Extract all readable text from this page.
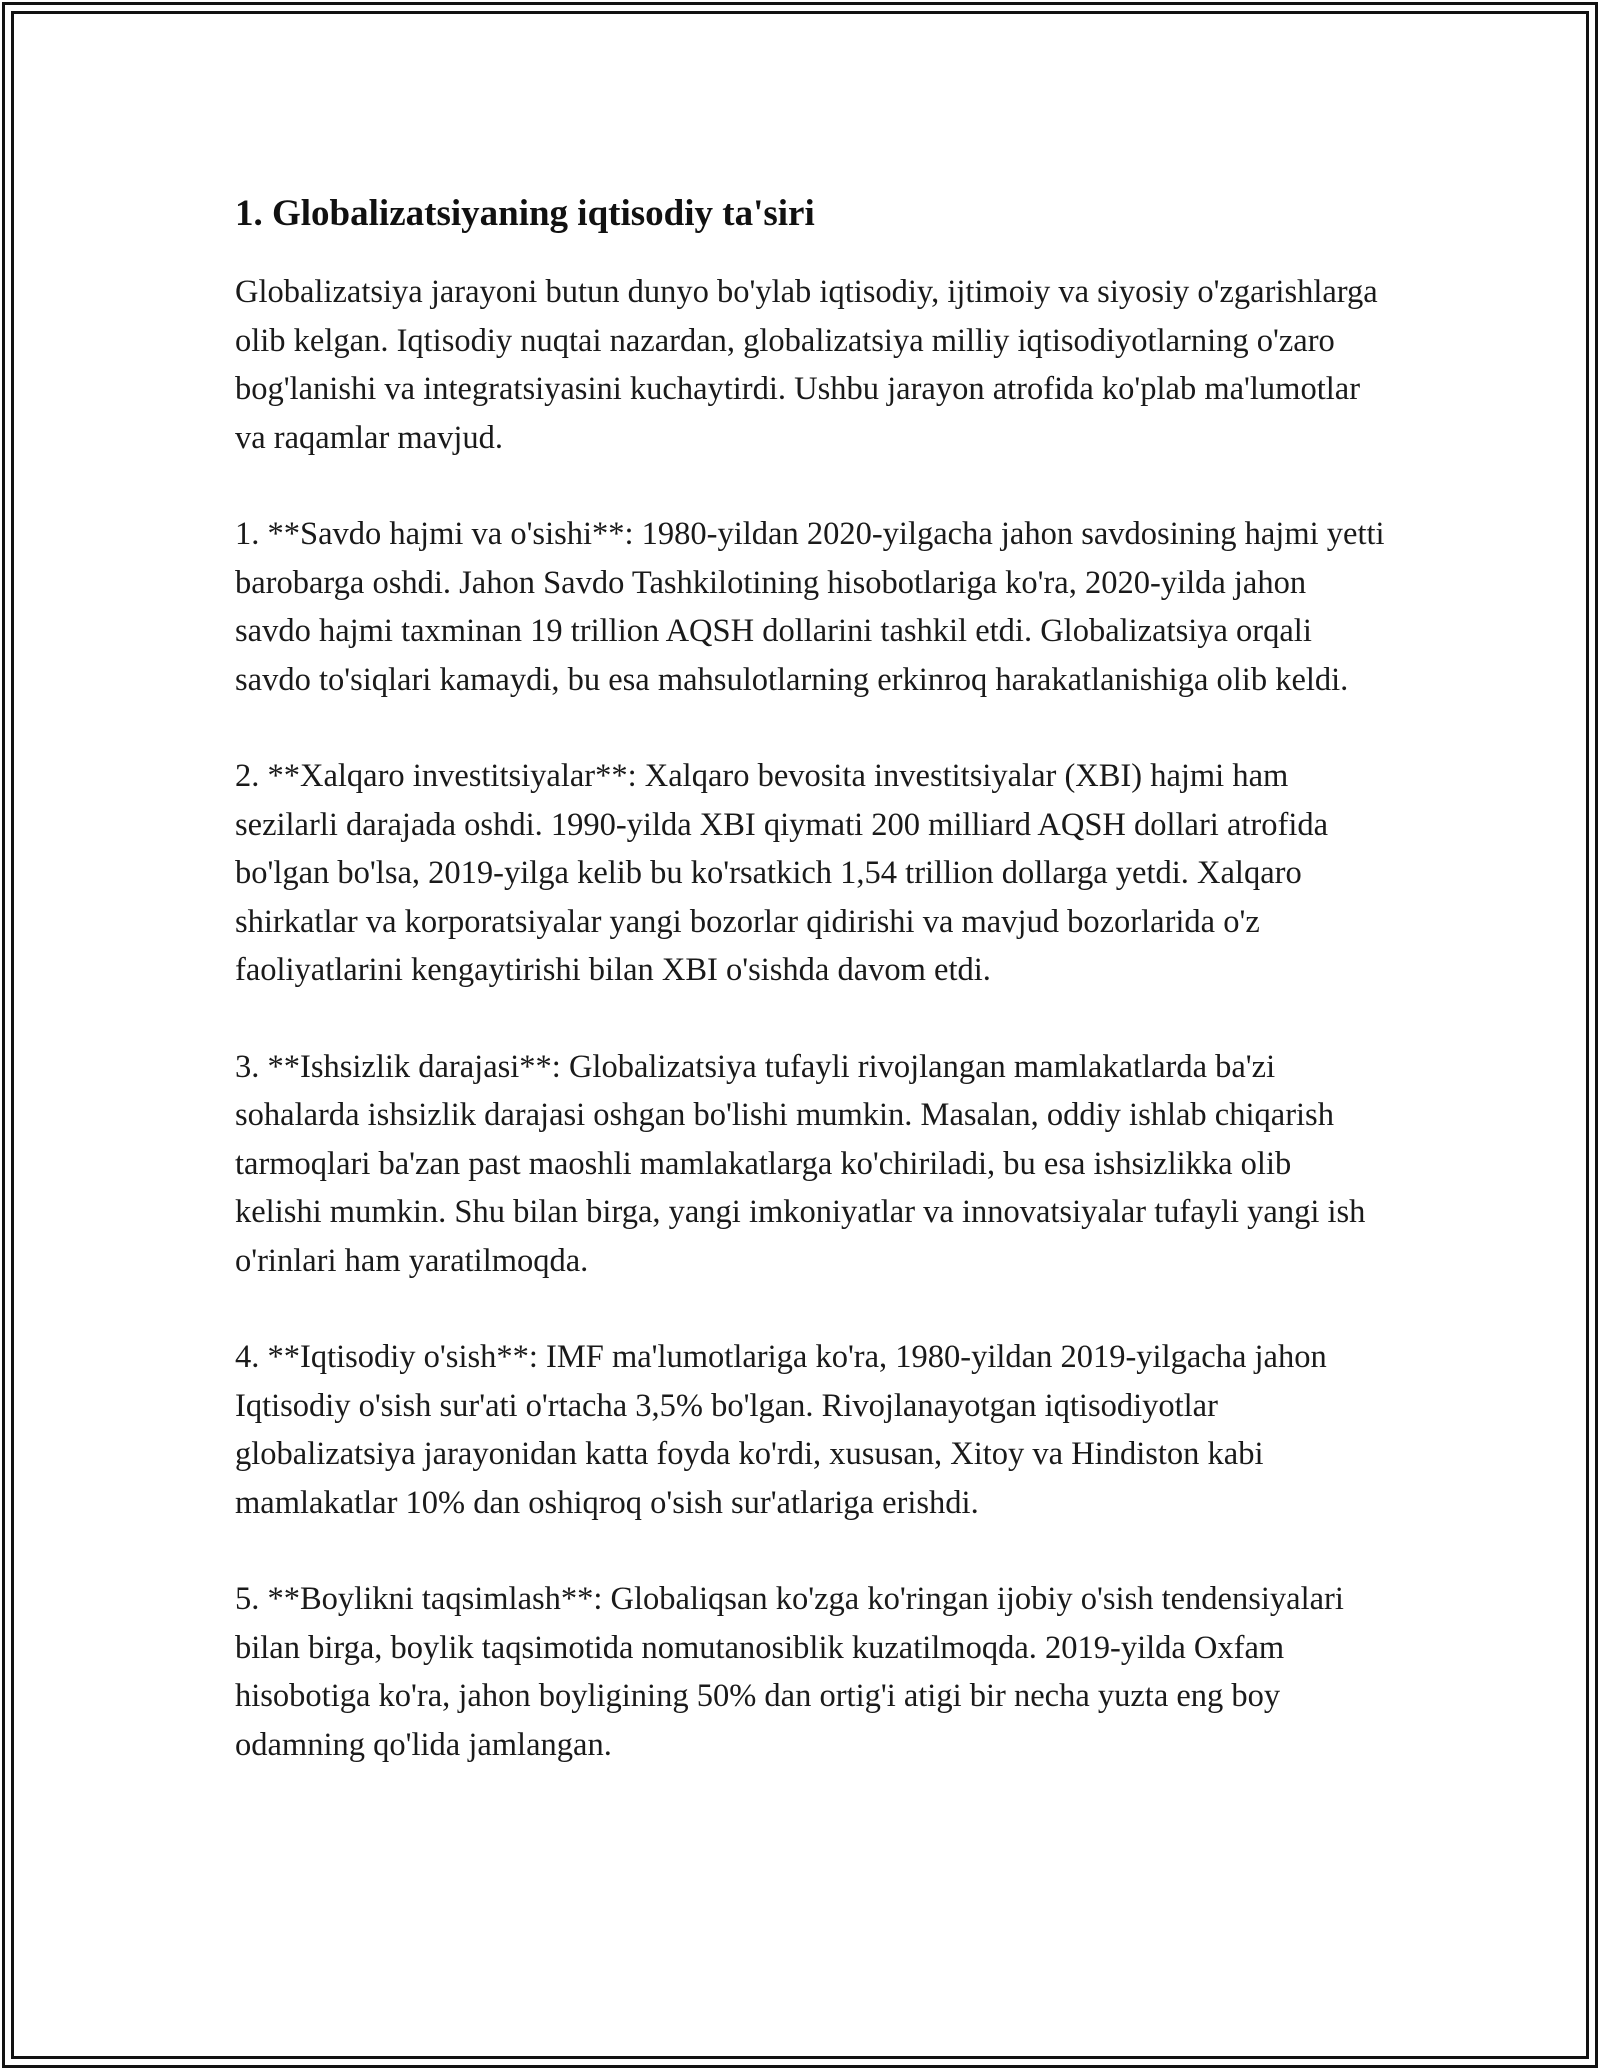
1. Globalizatsiyaning iqtisodiy ta'siri

Globalizatsiya jarayoni butun dunyo bo'ylab iqtisodiy, ijtimoiy va siyosiy o'zgarishlarga olib kelgan. Iqtisodiy nuqtai nazardan, globalizatsiya milliy iqtisodiyotlarning o'zaro bog'lanishi va integratsiyasini kuchaytirdi. Ushbu jarayon atrofida ko'plab ma'lumotlar va raqamlar mavjud.

1. **Savdo hajmi va o'sishi**: 1980-yildan 2020-yilgacha jahon savdosining hajmi yetti barobarga oshdi. Jahon Savdo Tashkilotining hisobotlariga ko'ra, 2020-yilda jahon savdo hajmi taxminan 19 trillion AQSH dollarini tashkil etdi. Globalizatsiya orqali savdo to'siqlari kamaydi, bu esa mahsulotlarning erkinroq harakatlanishiga olib keldi.

2. **Xalqaro investitsiyalar**: Xalqaro bevosita investitsiyalar (XBI) hajmi ham sezilarli darajada oshdi. 1990-yilda XBI qiymati 200 milliard AQSH dollari atrofida bo'lgan bo'lsa, 2019-yilga kelib bu ko'rsatkich 1,54 trillion dollarga yetdi. Xalqaro shirkatlar va korporatsiyalar yangi bozorlar qidirishi va mavjud bozorlarida o'z faoliyatlarini kengaytirishi bilan XBI o'sishda davom etdi.

3. **Ishsizlik darajasi**: Globalizatsiya tufayli rivojlangan mamlakatlarda ba'zi sohalarda ishsizlik darajasi oshgan bo'lishi mumkin. Masalan, oddiy ishlab chiqarish tarmoqlari ba'zan past maoshli mamlakatlarga ko'chiriladi, bu esa ishsizlikka olib kelishi mumkin. Shu bilan birga, yangi imkoniyatlar va innovatsiyalar tufayli yangi ish o'rinlari ham yaratilmoqda.

4. **Iqtisodiy o'sish**: IMF ma'lumotlariga ko'ra, 1980-yildan 2019-yilgacha jahon Iqtisodiy o'sish sur'ati o'rtacha 3,5% bo'lgan. Rivojlanayotgan iqtisodiyotlar globalizatsiya jarayonidan katta foyda ko'rdi, xususan, Xitoy va Hindiston kabi mamlakatlar 10% dan oshiqroq o'sish sur'atlariga erishdi.

5. **Boylikni taqsimlash**: Globaliqsan ko'zga ko'ringan ijobiy o'sish tendensiyalari bilan birga, boylik taqsimotida nomutanosiblik kuzatilmoqda. 2019-yilda Oxfam hisobotiga ko'ra, jahon boyligining 50% dan ortig'i atigi bir necha yuzta eng boy odamning qo'lida jamlangan.
